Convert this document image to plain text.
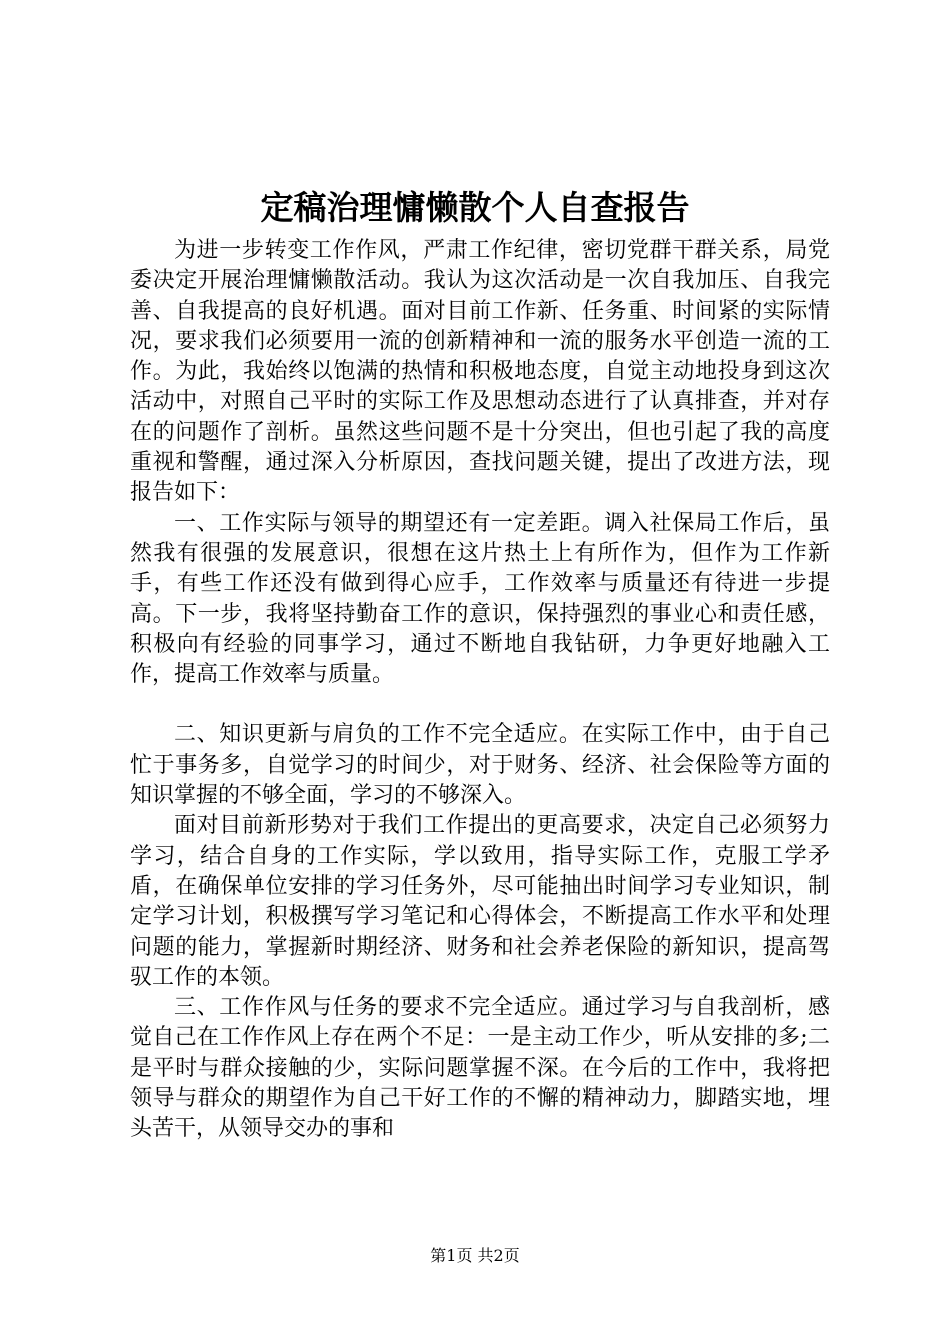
定稿治理慵懒散个人自查报告

为进一步转变工作作风，严肃工作纪律，密切党群干群关系，局党委决定开展治理慵懒散活动。我认为这次活动是一次自我加压、自我完善、自我提高的良好机遇。面对目前工作新、任务重、时间紧的实际情况，要求我们必须要用一流的创新精神和一流的服务水平创造一流的工作。为此，我始终以饱满的热情和积极地态度，自觉主动地投身到这次活动中，对照自己平时的实际工作及思想动态进行了认真排查，并对存在的问题作了剖析。虽然这些问题不是十分突出，但也引起了我的高度重视和警醒，通过深入分析原因，查找问题关键，提出了改进方法，现报告如下：

一、工作实际与领导的期望还有一定差距。调入社保局工作后，虽然我有很强的发展意识，很想在这片热土上有所作为，但作为工作新手，有些工作还没有做到得心应手，工作效率与质量还有待进一步提高。下一步，我将坚持勤奋工作的意识，保持强烈的事业心和责任感，积极向有经验的同事学习，通过不断地自我钻研，力争更好地融入工作，提高工作效率与质量。

二、知识更新与肩负的工作不完全适应。在实际工作中，由于自己忙于事务多，自觉学习的时间少，对于财务、经济、社会保险等方面的知识掌握的不够全面，学习的不够深入。

面对目前新形势对于我们工作提出的更高要求，决定自己必须努力学习，结合自身的工作实际，学以致用，指导实际工作，克服工学矛盾，在确保单位安排的学习任务外，尽可能抽出时间学习专业知识，制定学习计划，积极撰写学习笔记和心得体会，不断提高工作水平和处理问题的能力，掌握新时期经济、财务和社会养老保险的新知识，提高驾驭工作的本领。

三、工作作风与任务的要求不完全适应。通过学习与自我剖析，感觉自己在工作作风上存在两个不足：一是主动工作少，听从安排的多;二是平时与群众接触的少，实际问题掌握不深。在今后的工作中，我将把领导与群众的期望作为自己干好工作的不懈的精神动力，脚踏实地，埋头苦干，从领导交办的事和

第1页 共2页
